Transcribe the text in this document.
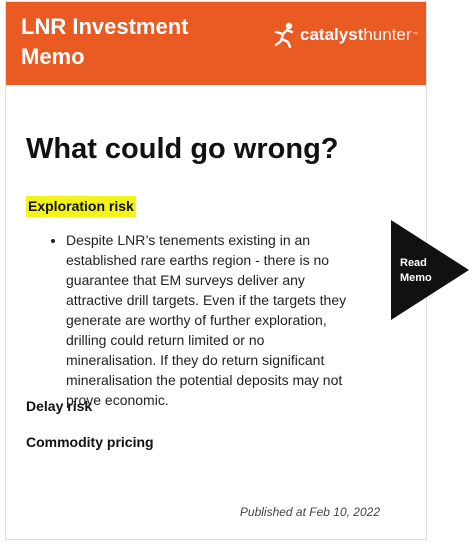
LNR Investment Memo
catalyst hunter ™
What could go wrong?
Exploration risk
• Despite LNR’s tenements existing in an established rare earths region - there is no guarantee that EM surveys deliver any attractive drill targets. Even if the targets they generate are worthy of further exploration, drilling could return limited or no mineralisation. If they do return significant mineralisation the potential deposits may not prove economic.
Delay risk
Commodity pricing
Published at Feb 10, 2022
Read Memo
